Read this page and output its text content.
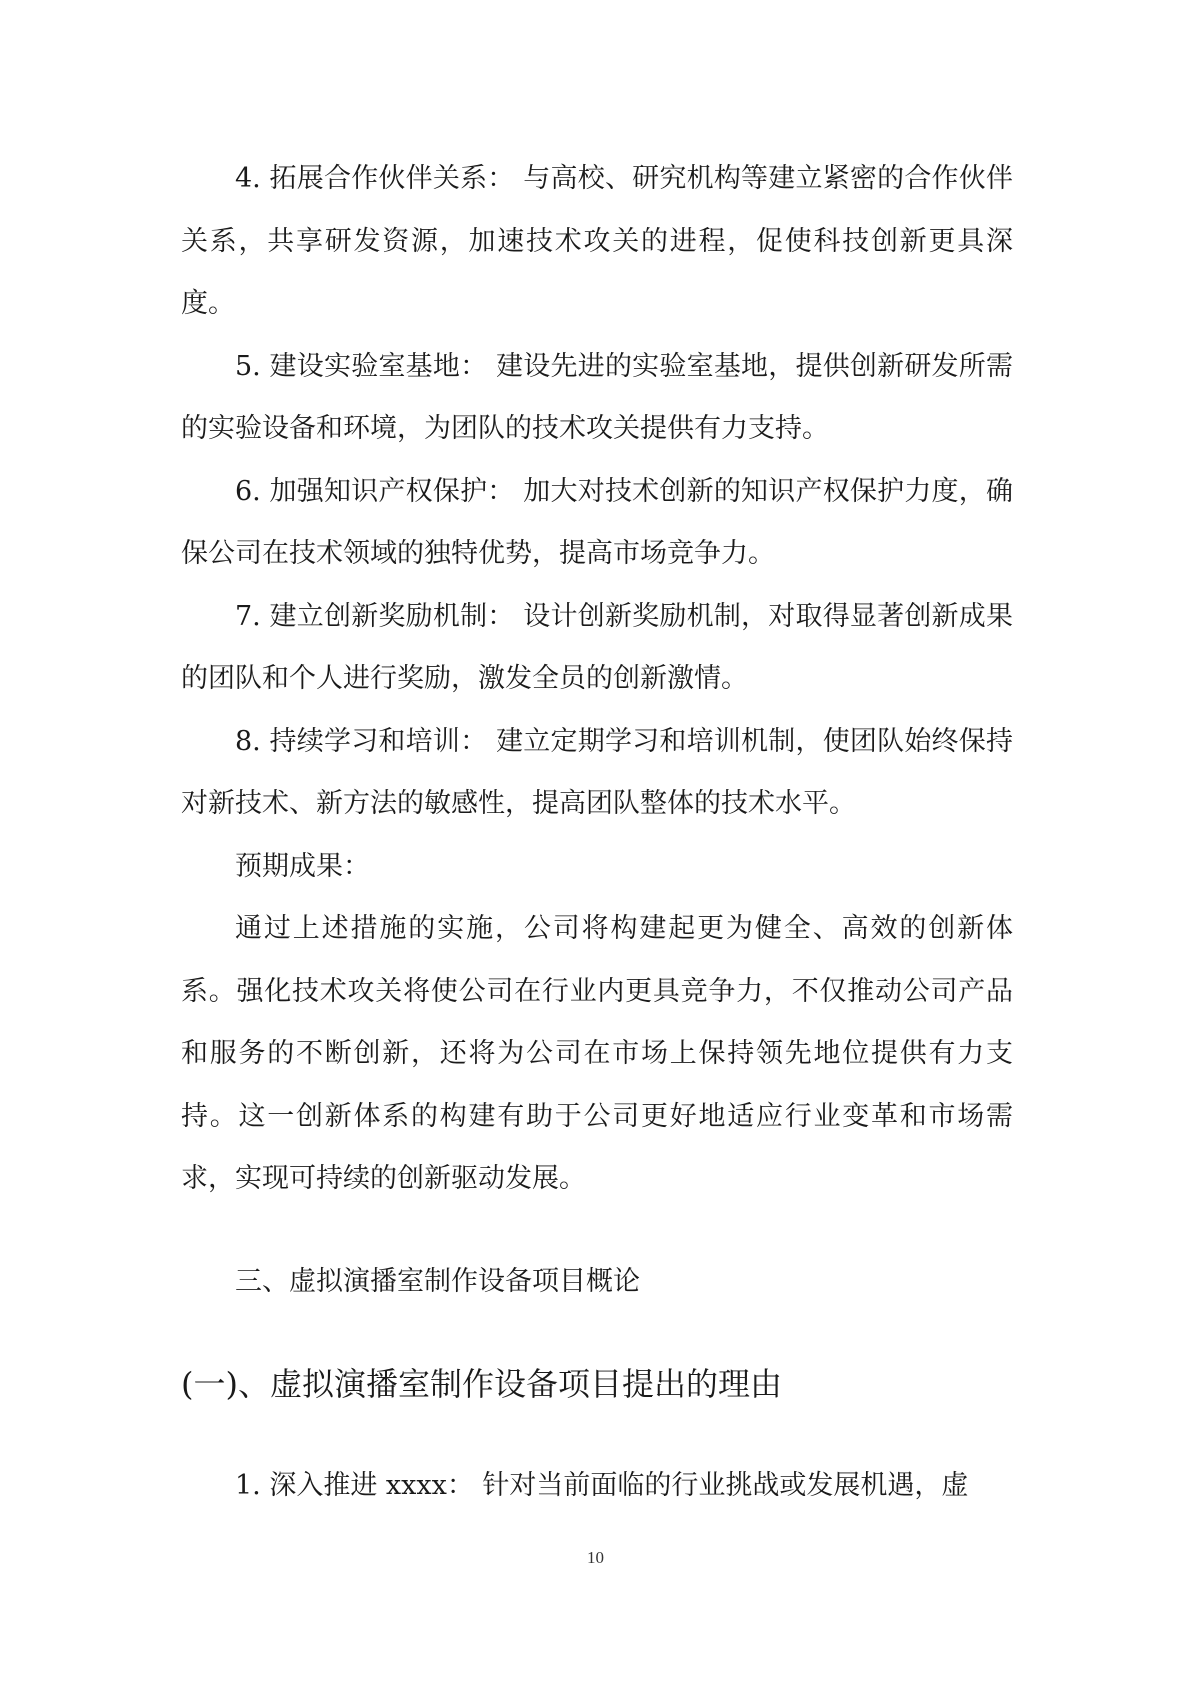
4. 拓展合作伙伴关系： 与高校、研究机构等建立紧密的合作伙伴关系，共享研发资源，加速技术攻关的进程，促使科技创新更具深度。

5. 建设实验室基地： 建设先进的实验室基地，提供创新研发所需的实验设备和环境，为团队的技术攻关提供有力支持。

6. 加强知识产权保护： 加大对技术创新的知识产权保护力度，确保公司在技术领域的独特优势，提高市场竞争力。

7. 建立创新奖励机制： 设计创新奖励机制，对取得显著创新成果的团队和个人进行奖励，激发全员的创新激情。

8. 持续学习和培训： 建立定期学习和培训机制，使团队始终保持对新技术、新方法的敏感性，提高团队整体的技术水平。

预期成果：

通过上述措施的实施，公司将构建起更为健全、高效的创新体系。强化技术攻关将使公司在行业内更具竞争力，不仅推动公司产品和服务的不断创新，还将为公司在市场上保持领先地位提供有力支持。这一创新体系的构建有助于公司更好地适应行业变革和市场需求，实现可持续的创新驱动发展。

三、虚拟演播室制作设备项目概论

(一)、虚拟演播室制作设备项目提出的理由

1. 深入推进 xxxx： 针对当前面临的行业挑战或发展机遇，虚

10
